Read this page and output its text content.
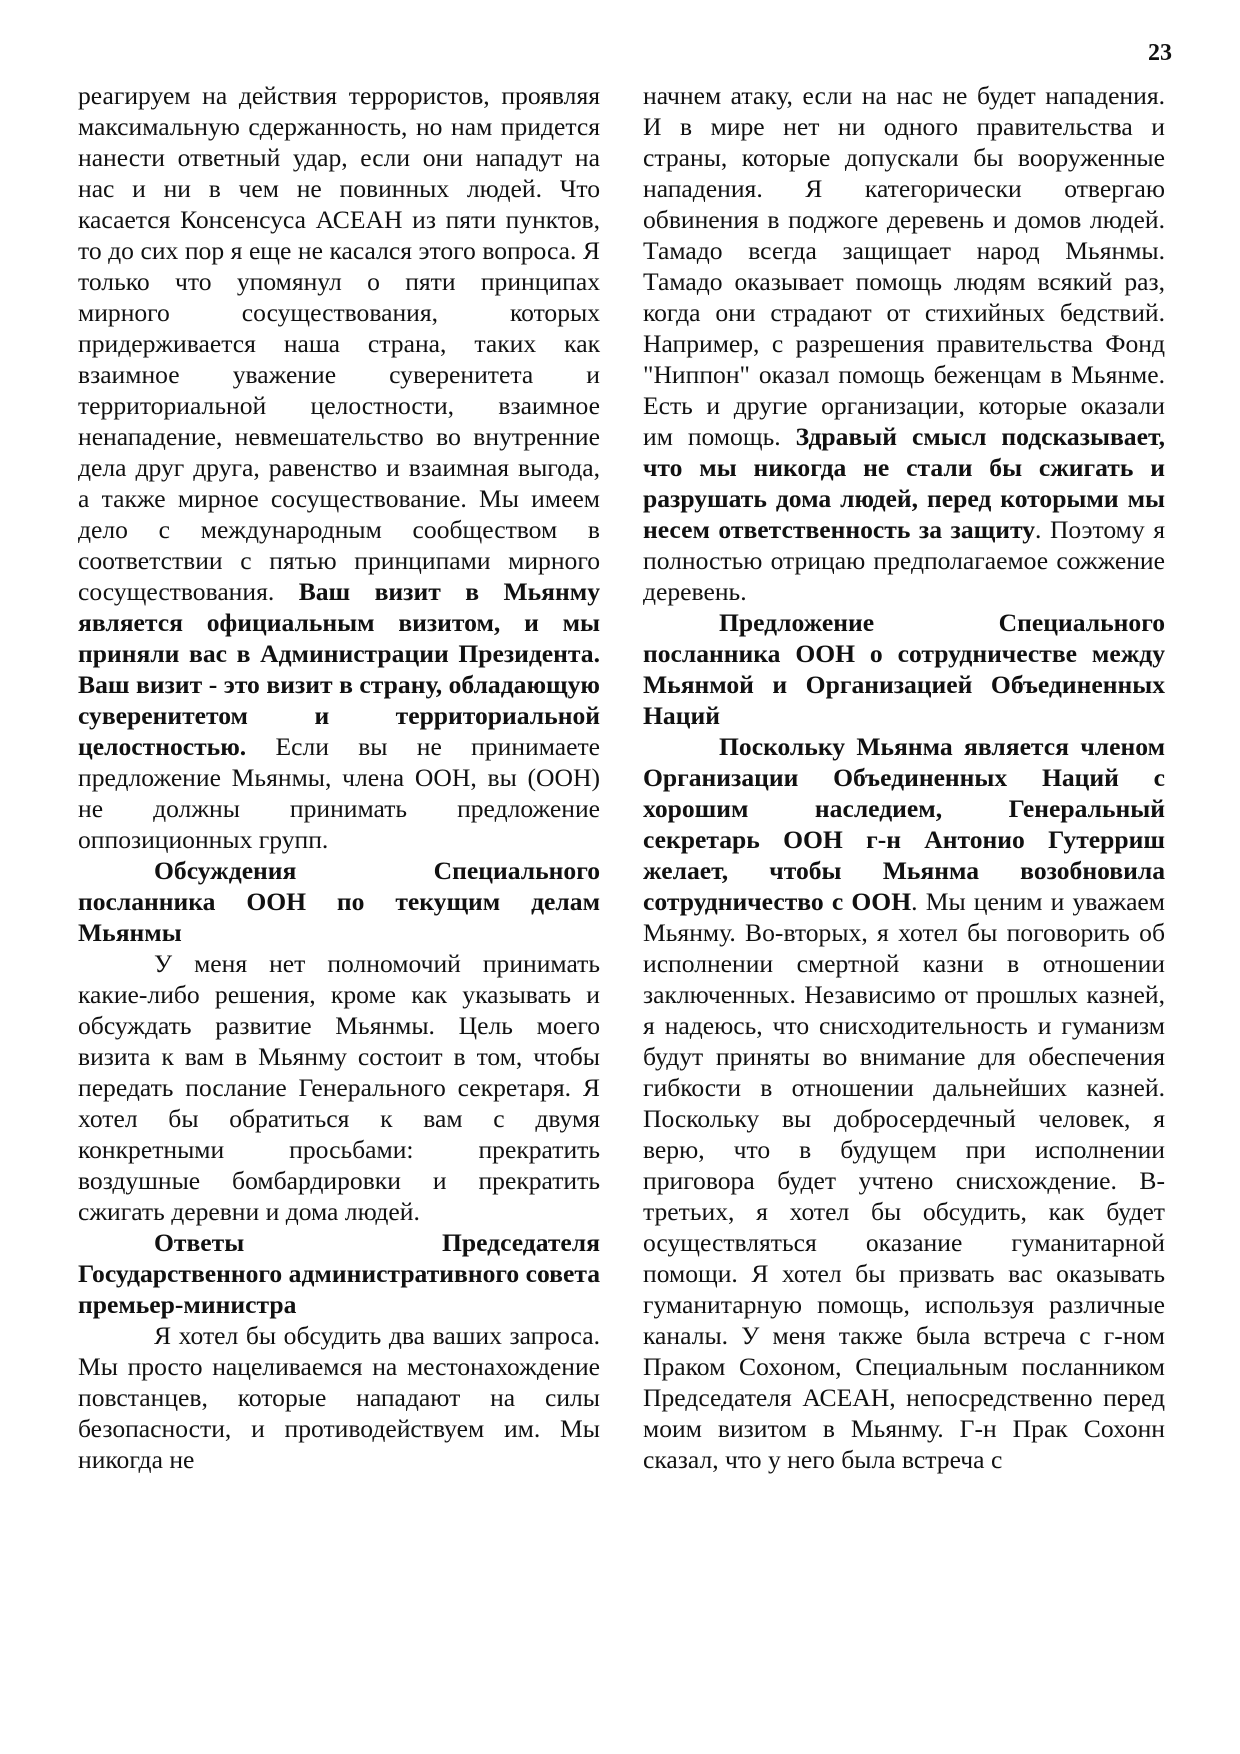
23

реагируем на действия террористов, проявляя максимальную сдержанность, но нам придется нанести ответный удар, если они нападут на нас и ни в чем не повинных людей. Что касается Консенсуса АСЕАН из пяти пунктов, то до сих пор я еще не касался этого вопроса. Я только что упомянул о пяти принципах мирного сосуществования, которых придерживается наша страна, таких как взаимное уважение суверенитета и территориальной целостности, взаимное ненападение, невмешательство во внутренние дела друг друга, равенство и взаимная выгода, а также мирное сосуществование. Мы имеем дело с международным сообществом в соответствии с пятью принципами мирного сосуществования. Ваш визит в Мьянму является официальным визитом, и мы приняли вас в Администрации Президента. Ваш визит - это визит в страну, обладающую суверенитетом и территориальной целостностью. Если вы не принимаете предложение Мьянмы, члена ООН, вы (ООН) не должны принимать предложение оппозиционных групп.

Обсуждения Специального посланника ООН по текущим делам Мьянмы

У меня нет полномочий принимать какие-либо решения, кроме как указывать и обсуждать развитие Мьянмы. Цель моего визита к вам в Мьянму состоит в том, чтобы передать послание Генерального секретаря. Я хотел бы обратиться к вам с двумя конкретными просьбами: прекратить воздушные бомбардировки и прекратить сжигать деревни и дома людей.

Ответы Председателя Государственного административного совета премьер-министра

Я хотел бы обсудить два ваших запроса. Мы просто нацеливаемся на местонахождение повстанцев, которые нападают на силы безопасности, и противодействуем им. Мы никогда не

начнем атаку, если на нас не будет нападения. И в мире нет ни одного правительства и страны, которые допускали бы вооруженные нападения. Я категорически отвергаю обвинения в поджоге деревень и домов людей. Тамадо всегда защищает народ Мьянмы. Тамадо оказывает помощь людям всякий раз, когда они страдают от стихийных бедствий. Например, с разрешения правительства Фонд "Ниппон" оказал помощь беженцам в Мьянме. Есть и другие организации, которые оказали им помощь. Здравый смысл подсказывает, что мы никогда не стали бы сжигать и разрушать дома людей, перед которыми мы несем ответственность за защиту. Поэтому я полностью отрицаю предполагаемое сожжение деревень.

Предложение Специального посланника ООН о сотрудничестве между Мьянмой и Организацией Объединенных Наций

Поскольку Мьянма является членом Организации Объединенных Наций с хорошим наследием, Генеральный секретарь ООН г-н Антонио Гутерриш желает, чтобы Мьянма возобновила сотрудничество с ООН. Мы ценим и уважаем Мьянму. Во-вторых, я хотел бы поговорить об исполнении смертной казни в отношении заключенных. Независимо от прошлых казней, я надеюсь, что снисходительность и гуманизм будут приняты во внимание для обеспечения гибкости в отношении дальнейших казней. Поскольку вы добросердечный человек, я верю, что в будущем при исполнении приговора будет учтено снисхождение. В-третьих, я хотел бы обсудить, как будет осуществляться оказание гуманитарной помощи. Я хотел бы призвать вас оказывать гуманитарную помощь, используя различные каналы. У меня также была встреча с г-ном Праком Сохоном, Специальным посланником Председателя АСЕАН, непосредственно перед моим визитом в Мьянму. Г-н Прак Сохонн сказал, что у него была встреча с
